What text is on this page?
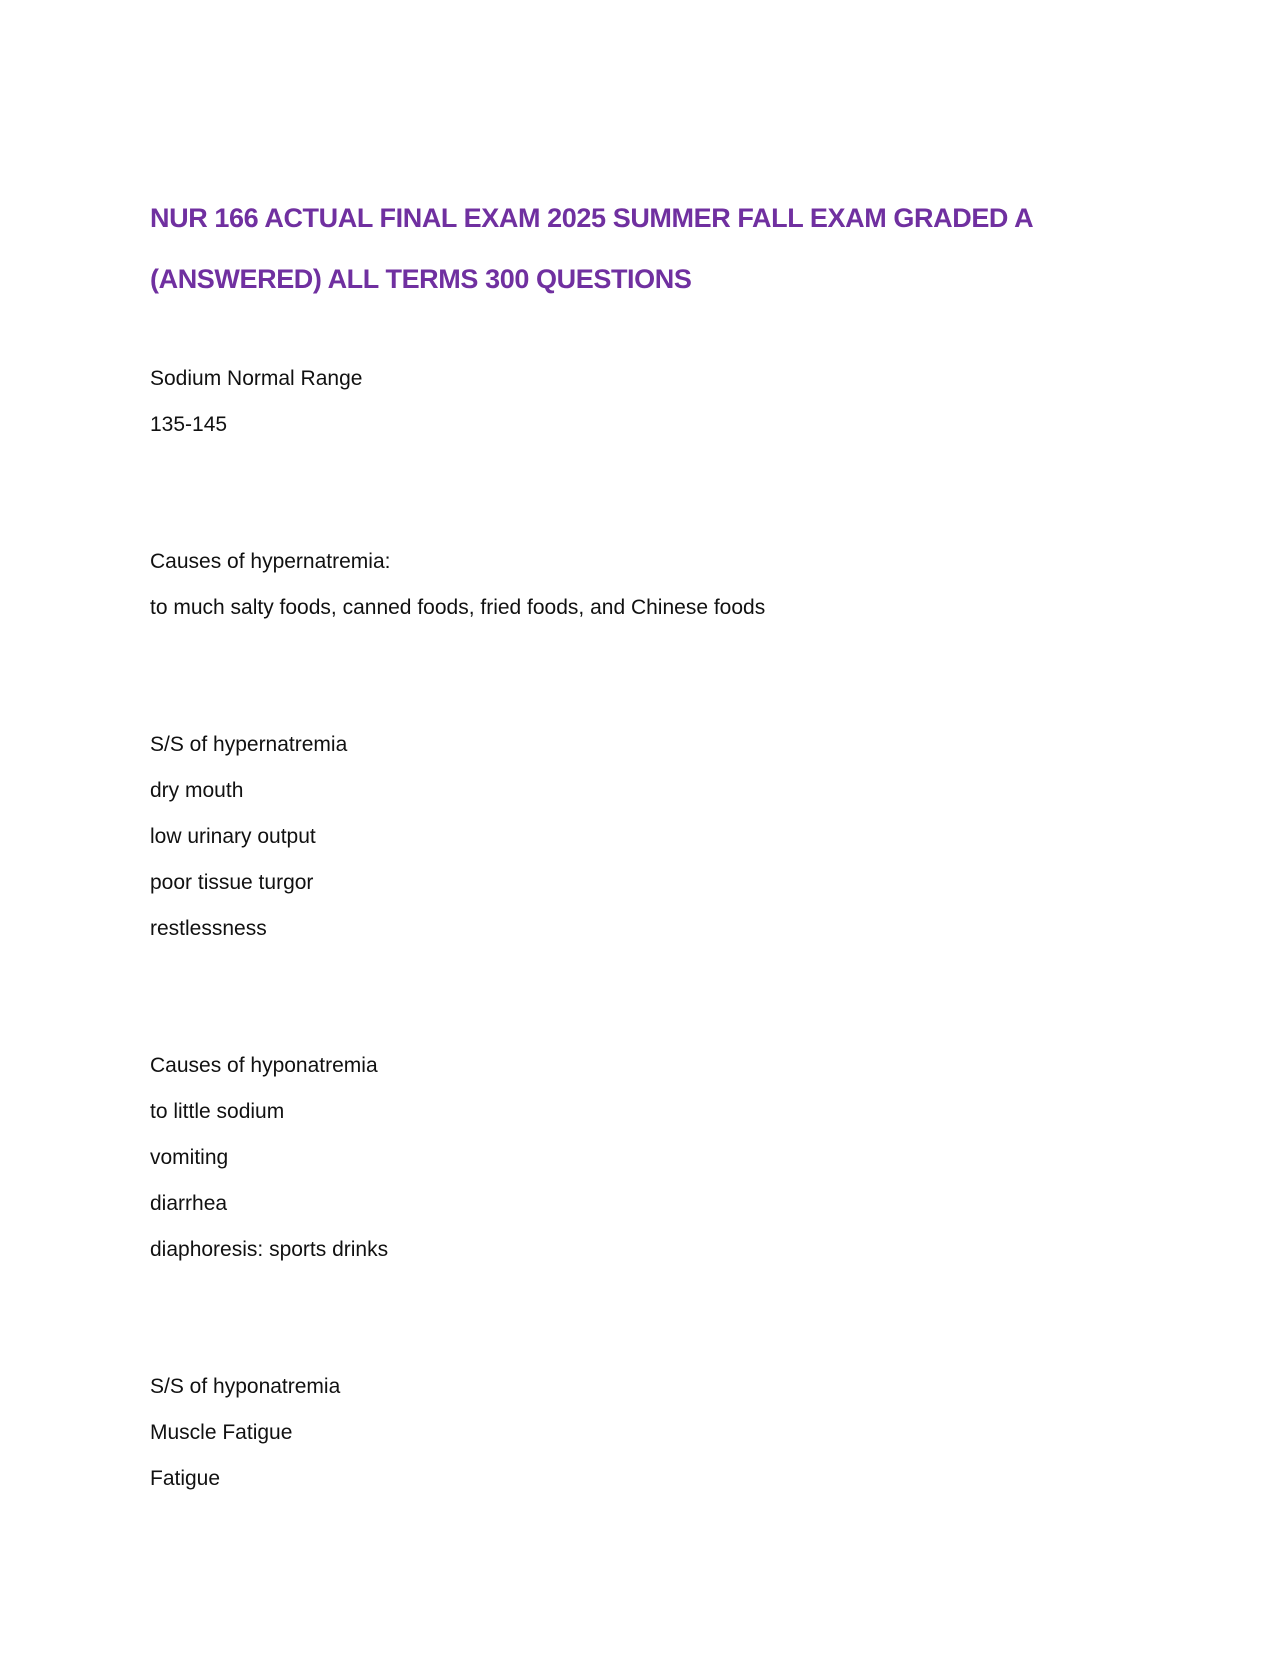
NUR 166 ACTUAL FINAL EXAM 2025 SUMMER FALL EXAM GRADED A
(ANSWERED) ALL TERMS 300 QUESTIONS

Sodium Normal Range

135-145

Causes of hypernatremia:

to much salty foods, canned foods, fried foods, and Chinese foods

S/S of hypernatremia

dry mouth

low urinary output

poor tissue turgor

restlessness

Causes of hyponatremia

to little sodium

vomiting

diarrhea

diaphoresis: sports drinks

S/S of hyponatremia

Muscle Fatigue

Fatigue
